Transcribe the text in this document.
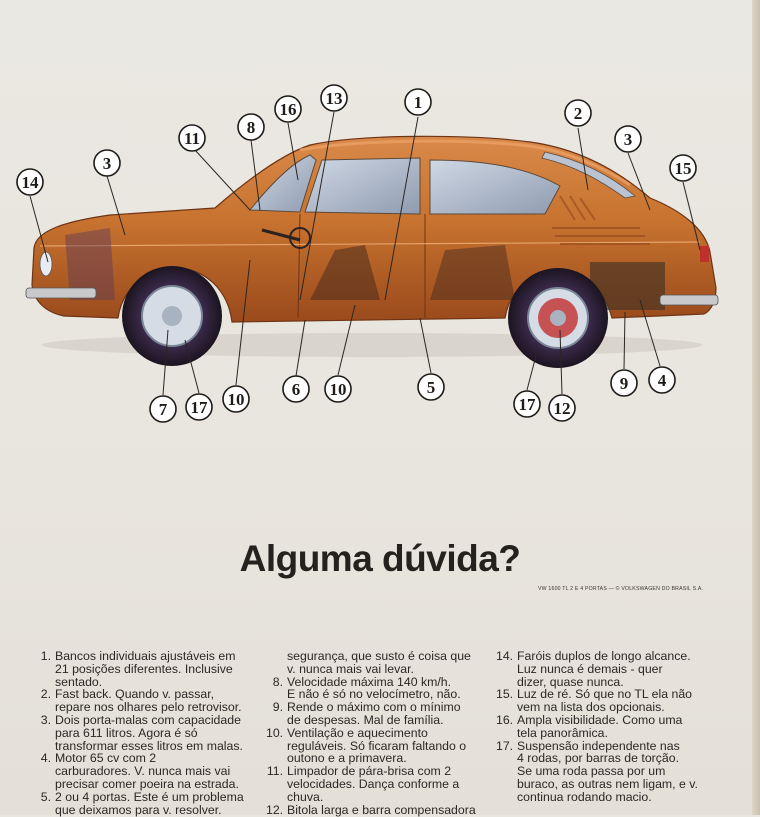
1
2
3
3
14
15
16
13
11
8
7 17 10
6 10	5
17 12
9 4
Alguma dúvida?
VW 1600 TL 2 E 4 PORTAS — © VOLKSWAGEN DO BRASIL S.A.
1. Bancos individuais ajustáveis em
21 posições diferentes. Inclusive
sentado.
2. Fast back. Quando v. passar,
repare nos olhares pelo retrovisor.
3. Dois porta-malas com capacidade
para 611 litros. Agora é só
transformar esses litros em malas.
4. Motor 65 cv com 2
carburadores. V. nunca mais vai
precisar comer poeira na estrada.
5. 2 ou 4 portas. Este é um problema
que deixamos para v. resolver.
segurança, que susto é coisa que
v. nunca mais vai levar.
8. Velocidade máxima 140 km/h.
E não é só no velocímetro, não.
9. Rende o máximo com o mínimo
de despesas. Mal de família.
10. Ventilação e aquecimento
reguláveis. Só ficaram faltando o
outono e a primavera.
11. Limpador de pára-brisa com 2
velocidades. Dança conforme a
chuva.
12. Bitola larga e barra compensadora
14. Faróis duplos de longo alcance.
Luz nunca é demais - quer
dizer, quase nunca.
15. Luz de ré. Só que no TL ela não
vem na lista dos opcionais.
16. Ampla visibilidade. Como uma
tela panorâmica.
17. Suspensão independente nas
4 rodas, por barras de torção.
Se uma roda passa por um
buraco, as outras nem ligam, e v.
continua rodando macio.
